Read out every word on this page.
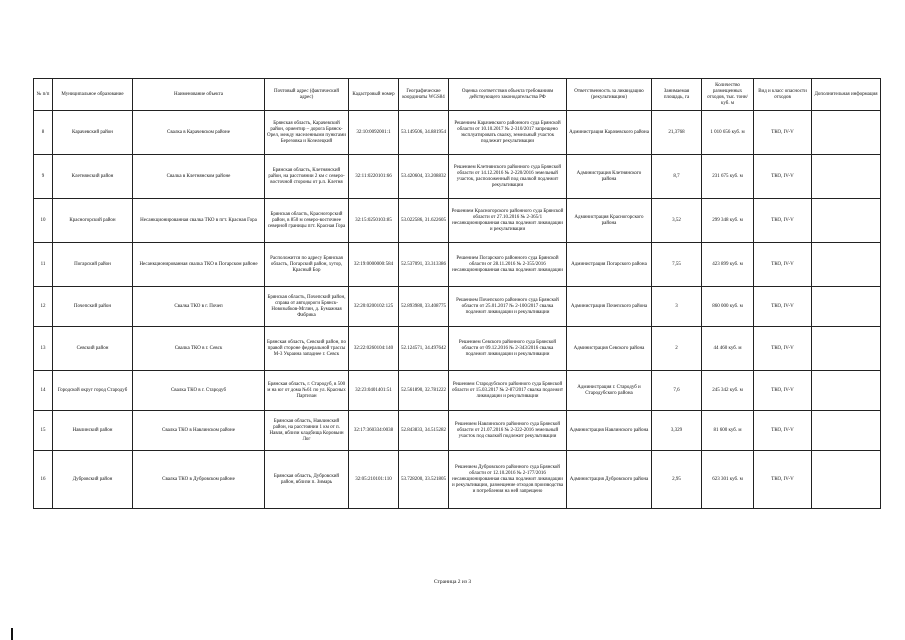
№ п/п	Муниципальное образование	Наименование объекта	Почтовый адрес (фактический адрес)	Кадастровый номер	Географические координаты WGS84	Оценка соответствия объекта требованиям действующего законодательства РФ	Ответственность за ликвидацию (рекультивацию)	Занимаемая площадь, га	Количество размещенных отходов, тыс. тонн/куб. м	Вид и класс опасности отходов	Дополнительная информация
8	Карачевский район	Свалка в Карачевском районе	Брянская область, Карачевский район, ориентир – дорога Брянск-Орел, между населенными пунктами Березовка и Козелецкий	32:10:0092001:1	53.149506, 34.881954	Решением Карачевского районного суда Брянской области от 10.10.2017 № 2-310/2017 запрещено эксплуатировать свалку, земельный участок подлежит рекультивации	Администрация Карачевского района	21,3768	1 010 656 куб. м	ТКО, IV-V	
9	Клетнянский район	Свалка в Клетнянском районе	Брянская область, Клетнянский район, на расстоянии 2 км с северо-восточной стороны от р.п. Клетня	32:11:0220101:66	53.420604, 33.208832	Решением Клетнянского районного суда Брянской области от 14.12.2016 № 2-220/2016 земельный участок, расположенный под свалкой подлежит рекультивации	Администрация Клетнянского района	8,7	231 675 куб. м	ТКО, IV-V	
10	Красногорский район	Несанкционированная свалка ТКО в пгт. Красная Гора	Брянская область, Красногорский район, в 850 м северо-восточнее северной границы пгт. Красная Гора	32:15:0250103:85	53.022586, 31.622605	Решением Красногорского районного суда Брянской области от 27.10.2016 № 2-365/1 несанкционированная свалка подлежит ликвидации и рекультивации	Администрация Красногорского района	3,52	299 348 куб. м	ТКО, IV-V	
11	Погарский район	Несанкционированная свалка ТКО в Погарском районе	Расположится по адресу Брянская область, Погарский район, хутор, Красный Бор	32:19:0000000:584	52.537091, 33.313386	Решением Погарского районного суда Брянской области от 28.11.2016 № 2-355/2016 несанкционированная свалка подлежит ликвидации	Администрация Погарского района	7,55	423 899 куб. м	ТКО, IV-V	
12	Почепский район	Свалка ТКО в г. Почеп	Брянская область, Почепский район, справа от автодороги Брянск-Новозыбков-Мглин, д. Бумажная Фабрика	32:20:0200102:125	52.893980, 33.408775	Решением Почепского районного суда Брянской области от 25.01.2017 № 2-100/2017 свалка подлежит ликвидации и рекультивации	Администрация Почепского района	3	860 000 куб. м	ТКО, IV-V	
13	Севский район	Свалка ТКО в г. Севск	Брянская область, Севский район, по правой стороне федеральной трассы М-3 Украина западнее г. Севск	32:22:0260104:140	52.124571, 34.497642	Решением Севского районного суда Брянской области от 09.12.2016 № 2-343/2016 свалка подлежит ликвидации и рекультивации	Администрация Севского района	2	44 460 куб. м	ТКО, IV-V	
14	Городской округ город Стародуб	Свалка ТКО в г. Стародуб	Брянская область, г. Стародуб, в 500 м на юг от дома №61 по ул. Красных Партизан	32:23:0401401:51	52.561890, 32.781222	Решением Стародубского районного суда Брянской области от 15.03.2017 № 2-87/2017 свалка подлежит ликвидации и рекультивации	Администрация г. Стародуб и Стародубского района	7,6	245 342 куб. м	ТКО, IV-V	
15	Навлинский район	Свалка ТКО в Навлинском районе	Брянская область, Навлинский район, на расстоянии 1 км от п. Навля, вблизи кладбища Коровьин Лог	32:17:360334:0038	52.843833, 34.515282	Решением Навлинского районного суда Брянской области от 21.07.2016 № 2-322-2016 земельный участок под свалкой подлежит рекультивации	Администрация Навлинского района	3,329	81 600 куб. м	ТКО, IV-V	
16	Дубровский район	Свалка ТКО в Дубровском районе	Брянская область, Дубровский район, вблизи п. Зимарь	32:05:210101:110	53.728200, 33.521805	Решением Дубровского районного суда Брянской области от 12.10.2016 № 2-177/2016 несанкционированная свалка подлежит ликвидации и рекультивации, размещение отходов производства и потребления на ней запрещено	Администрация Дубровского района	2,95	623 301 куб. м	ТКО, IV-V	
Страница 2 из 3
